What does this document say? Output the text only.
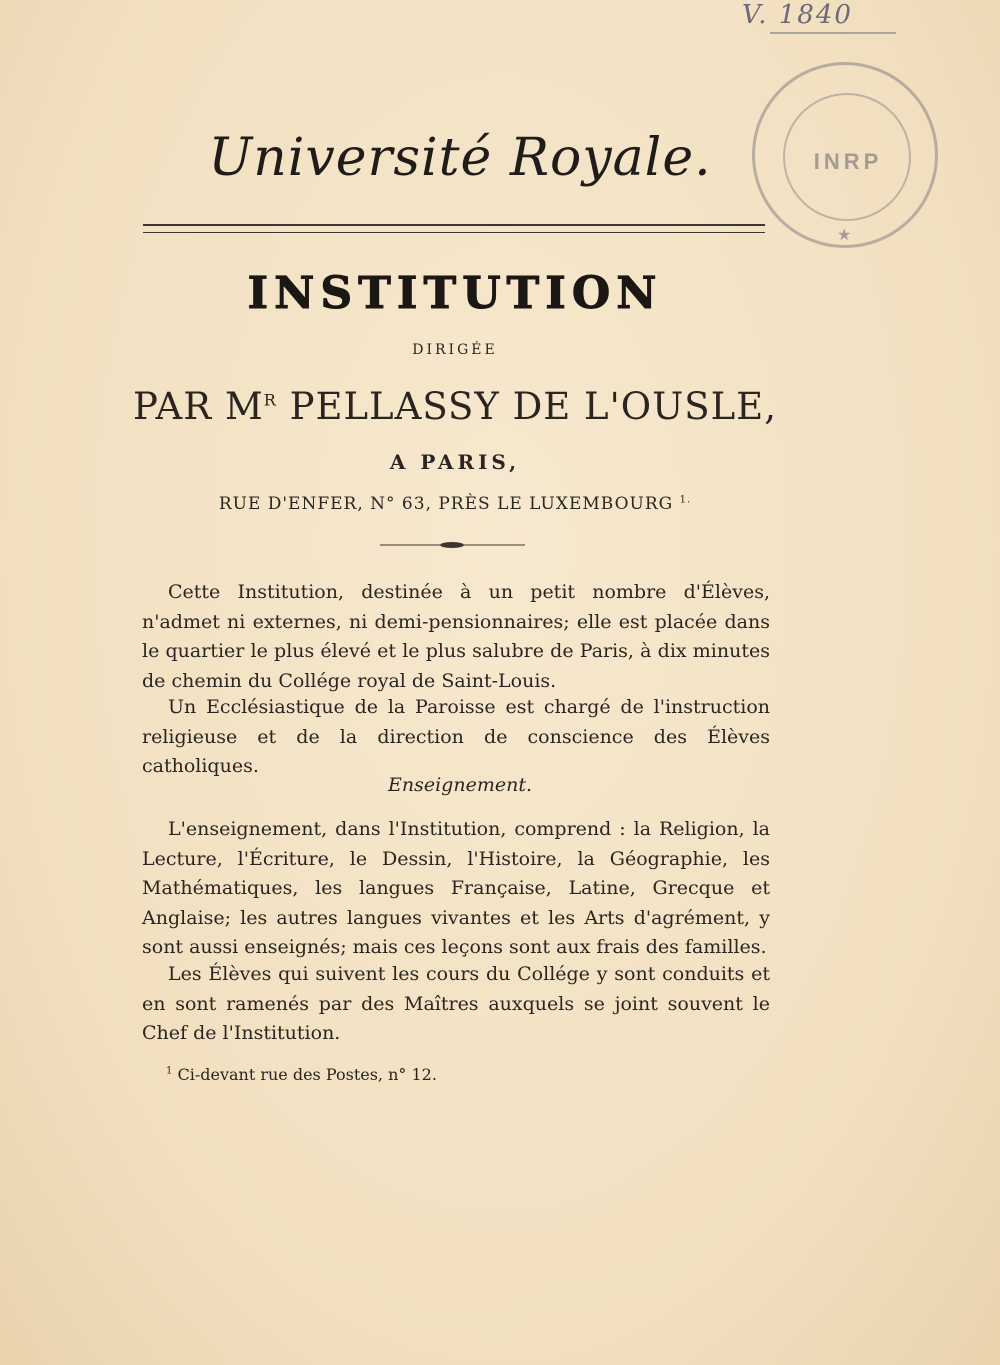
V. 1840
INRP
★
Université Royale.
INSTITUTION
DIRIGÉE
PAR $M^R$ PELLASSY DE L'OUSLE,
A PARIS,
RUE D'ENFER, N° 63, PRÈS LE LUXEMBOURG $^{1.}$
Cette Institution, destinée à un petit nombre d'Élèves, n'admet ni externes, ni demi-pensionnaires; elle est placée dans le quartier le plus élevé et le plus salubre de Paris, à dix minutes de chemin du Collége royal de Saint-Louis.
Un Ecclésiastique de la Paroisse est chargé de l'instruction religieuse et de la direction de conscience des Élèves catholiques.
Enseignement.
L'enseignement, dans l'Institution, comprend : la Religion, la Lecture, l'Écriture, le Dessin, l'Histoire, la Géographie, les Mathématiques, les langues Française, Latine, Grecque et Anglaise; les autres langues vivantes et les Arts d'agrément, y sont aussi enseignés; mais ces leçons sont aux frais des familles.
Les Élèves qui suivent les cours du Collége y sont conduits et en sont ramenés par des Maîtres auxquels se joint souvent le Chef de l'Institution.
$^1$ Ci-devant rue des Postes, n° 12.
